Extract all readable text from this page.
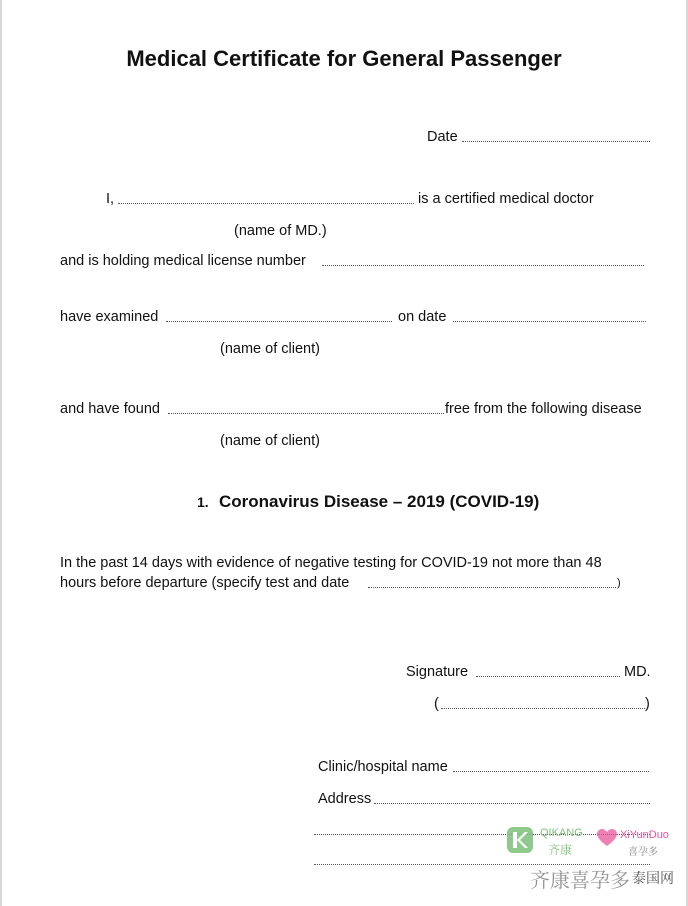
Medical Certificate for General Passenger
Date
I,	is a certified medical doctor
(name of MD.)
and is holding medical license number
have examined	on date
(name of client)
and have found	free from the following disease
(name of client)
1. Coronavirus Disease – 2019 (COVID-19)
In the past 14 days with evidence of negative testing for COVID-19 not more than 48
hours before departure (specify test and date	)
Signature	MD.
(	)
Clinic/hospital name
Address
QIKANG
齐康
XiYunDuo
喜孕多
齐康喜孕多 泰国网
